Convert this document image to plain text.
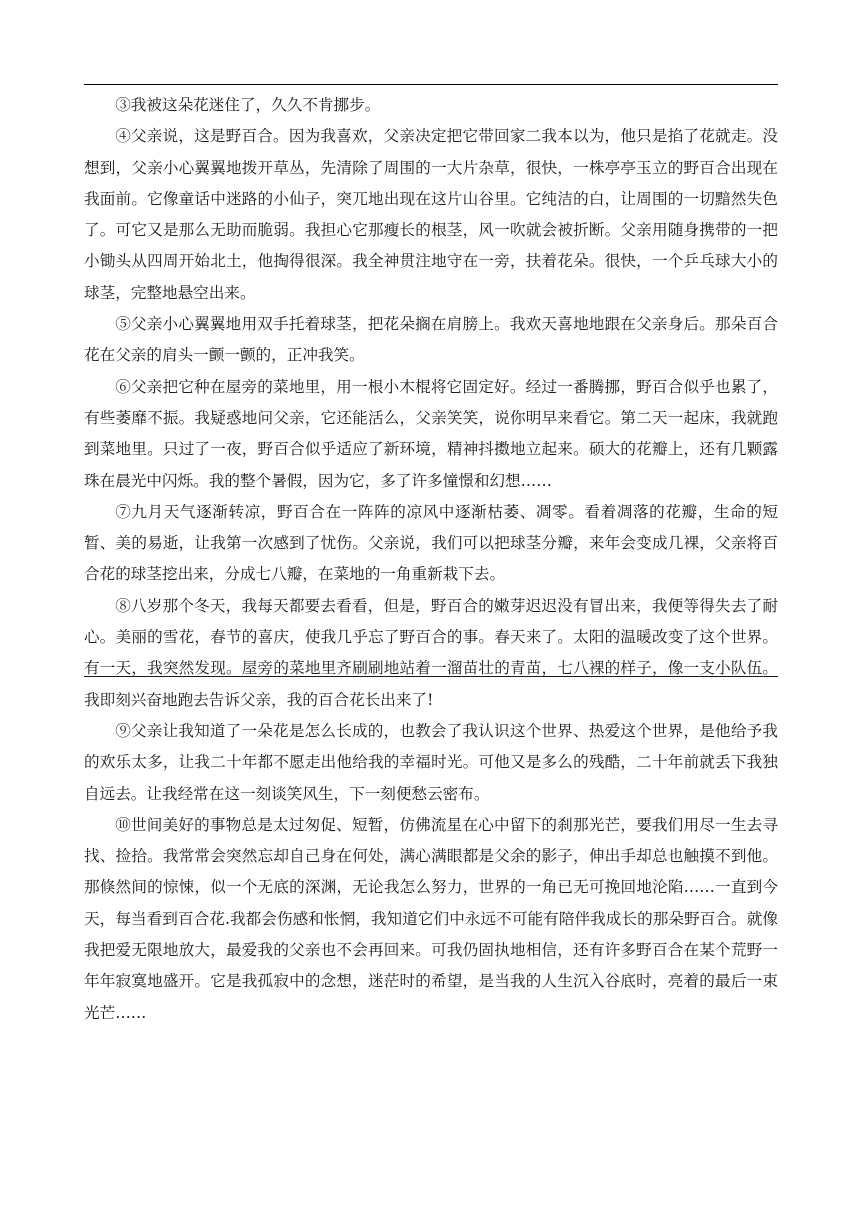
③我被这朵花迷住了，久久不肯挪步。

④父亲说，这是野百合。因为我喜欢，父亲决定把它带回家二我本以为，他只是掐了花就走。没想到，父亲小心翼翼地拨开草丛，先清除了周围的一大片杂草，很快，一株亭亭玉立的野百合出现在我面前。它像童话中迷路的小仙子，突兀地出现在这片山谷里。它纯洁的白，让周围的一切黯然失色了。可它又是那么无助而脆弱。我担心它那瘦长的根茎，风一吹就会被折断。父亲用随身携带的一把小锄头从四周开始北土，他掏得很深。我全神贯注地守在一旁，扶着花朵。很快，一个乒乓球大小的球茎，完整地悬空出来。

⑤父亲小心翼翼地用双手托着球茎，把花朵搁在肩膀上。我欢天喜地地跟在父亲身后。那朵百合花在父亲的肩头一颤一颤的，正冲我笑。

⑥父亲把它种在屋旁的菜地里，用一根小木棍将它固定好。经过一番腾挪，野百合似乎也累了，有些萎靡不振。我疑惑地问父亲，它还能活么，父亲笑笑，说你明早来看它。第二天一起床，我就跑到菜地里。只过了一夜，野百合似乎适应了新环境，精神抖擞地立起来。硕大的花瓣上，还有几颗露珠在晨光中闪烁。我的整个暑假，因为它，多了许多憧憬和幻想……

⑦九月天气逐渐转凉，野百合在一阵阵的凉风中逐渐枯萎、凋零。看着凋落的花瓣，生命的短暂、美的易逝，让我第一次感到了忧伤。父亲说，我们可以把球茎分瓣，来年会变成几裸，父亲将百合花的球茎挖出来，分成七八瓣，在菜地的一角重新栽下去。

⑧八岁那个冬天，我每天都要去看看，但是，野百合的嫩芽迟迟没有冒出来，我便等得失去了耐心。美丽的雪花，春节的喜庆，使我几乎忘了野百合的事。春天来了。太阳的温暖改变了这个世界。有一天，我突然发现。屋旁的菜地里齐刷刷地站着一溜苗壮的青苗，七八裸的样子，像一支小队伍。我即刻兴奋地跑去告诉父亲，我的百合花长出来了!

⑨父亲让我知道了一朵花是怎么长成的，也教会了我认识这个世界、热爱这个世界，是他给予我的欢乐太多，让我二十年都不愿走出他给我的幸福时光。可他又是多么的残酷，二十年前就丢下我独自远去。让我经常在这一刻谈笑风生，下一刻便愁云密布。

⑩世间美好的事物总是太过匆促、短暂，仿佛流星在心中留下的刹那光芒，要我们用尽一生去寻找、捡拾。我常常会突然忘却自己身在何处，满心满眼都是父余的影子，伸出手却总也触摸不到他。那倏然间的惊悚，似一个无底的深渊，无论我怎么努力，世界的一角已无可挽回地沦陷……一直到今天，每当看到百合花.我都会伤感和怅惘，我知道它们中永远不可能有陪伴我成长的那朵野百合。就像我把爱无限地放大，最爱我的父亲也不会再回来。可我仍固执地相信，还有许多野百合在某个荒野一年年寂寞地盛开。它是我孤寂中的念想，迷茫时的希望，是当我的人生沉入谷底时，亮着的最后一束光芒……
